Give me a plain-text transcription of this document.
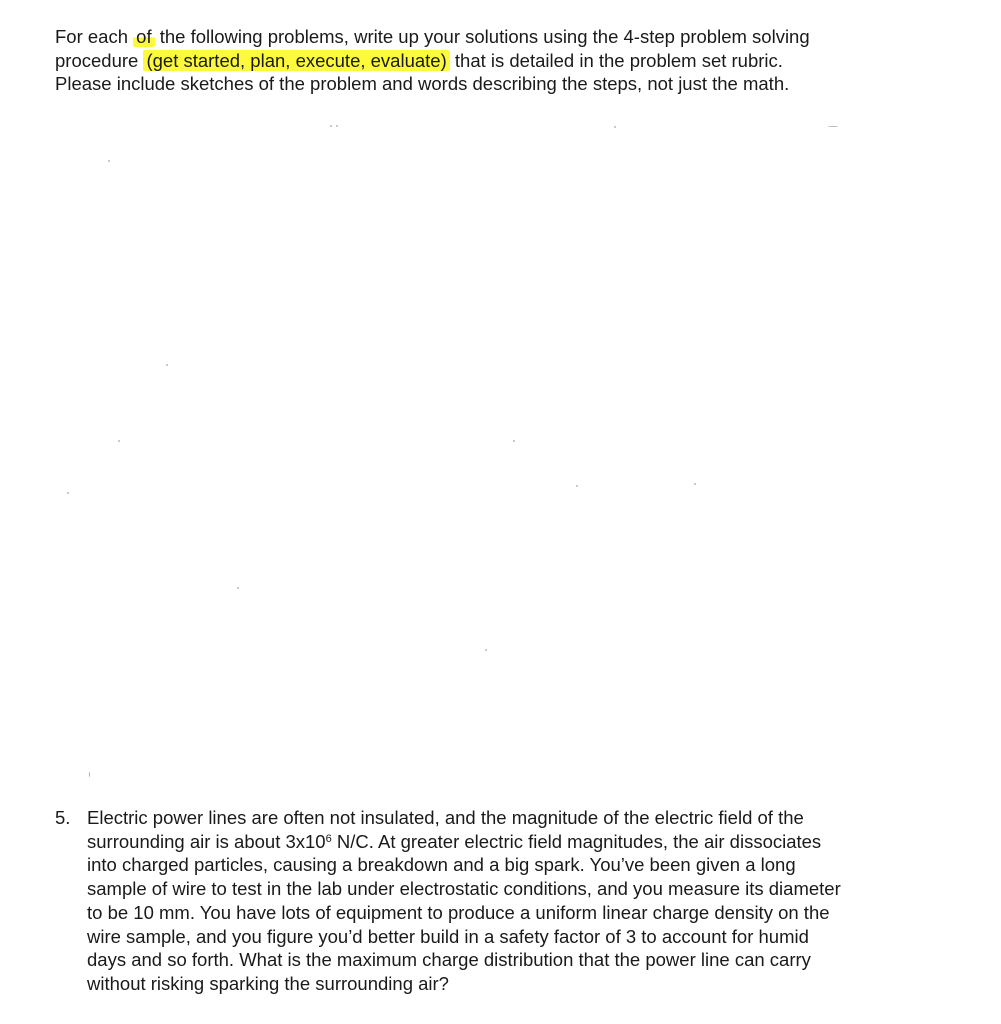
For each of the following problems, write up your solutions using the 4-step problem solving
procedure (get started, plan, execute, evaluate) that is detailed in the problem set rubric.
Please include sketches of the problem and words describing the steps, not just the math.
5. Electric power lines are often not insulated, and the magnitude of the electric field of the
surrounding air is about $3x10^6$ N/C. At greater electric field magnitudes, the air dissociates
into charged particles, causing a breakdown and a big spark. You’ve been given a long
sample of wire to test in the lab under electrostatic conditions, and you measure its diameter
to be 10 mm. You have lots of equipment to produce a uniform linear charge density on the
wire sample, and you figure you’d better build in a safety factor of 3 to account for humid
days and so forth. What is the maximum charge distribution that the power line can carry
without risking sparking the surrounding air?
